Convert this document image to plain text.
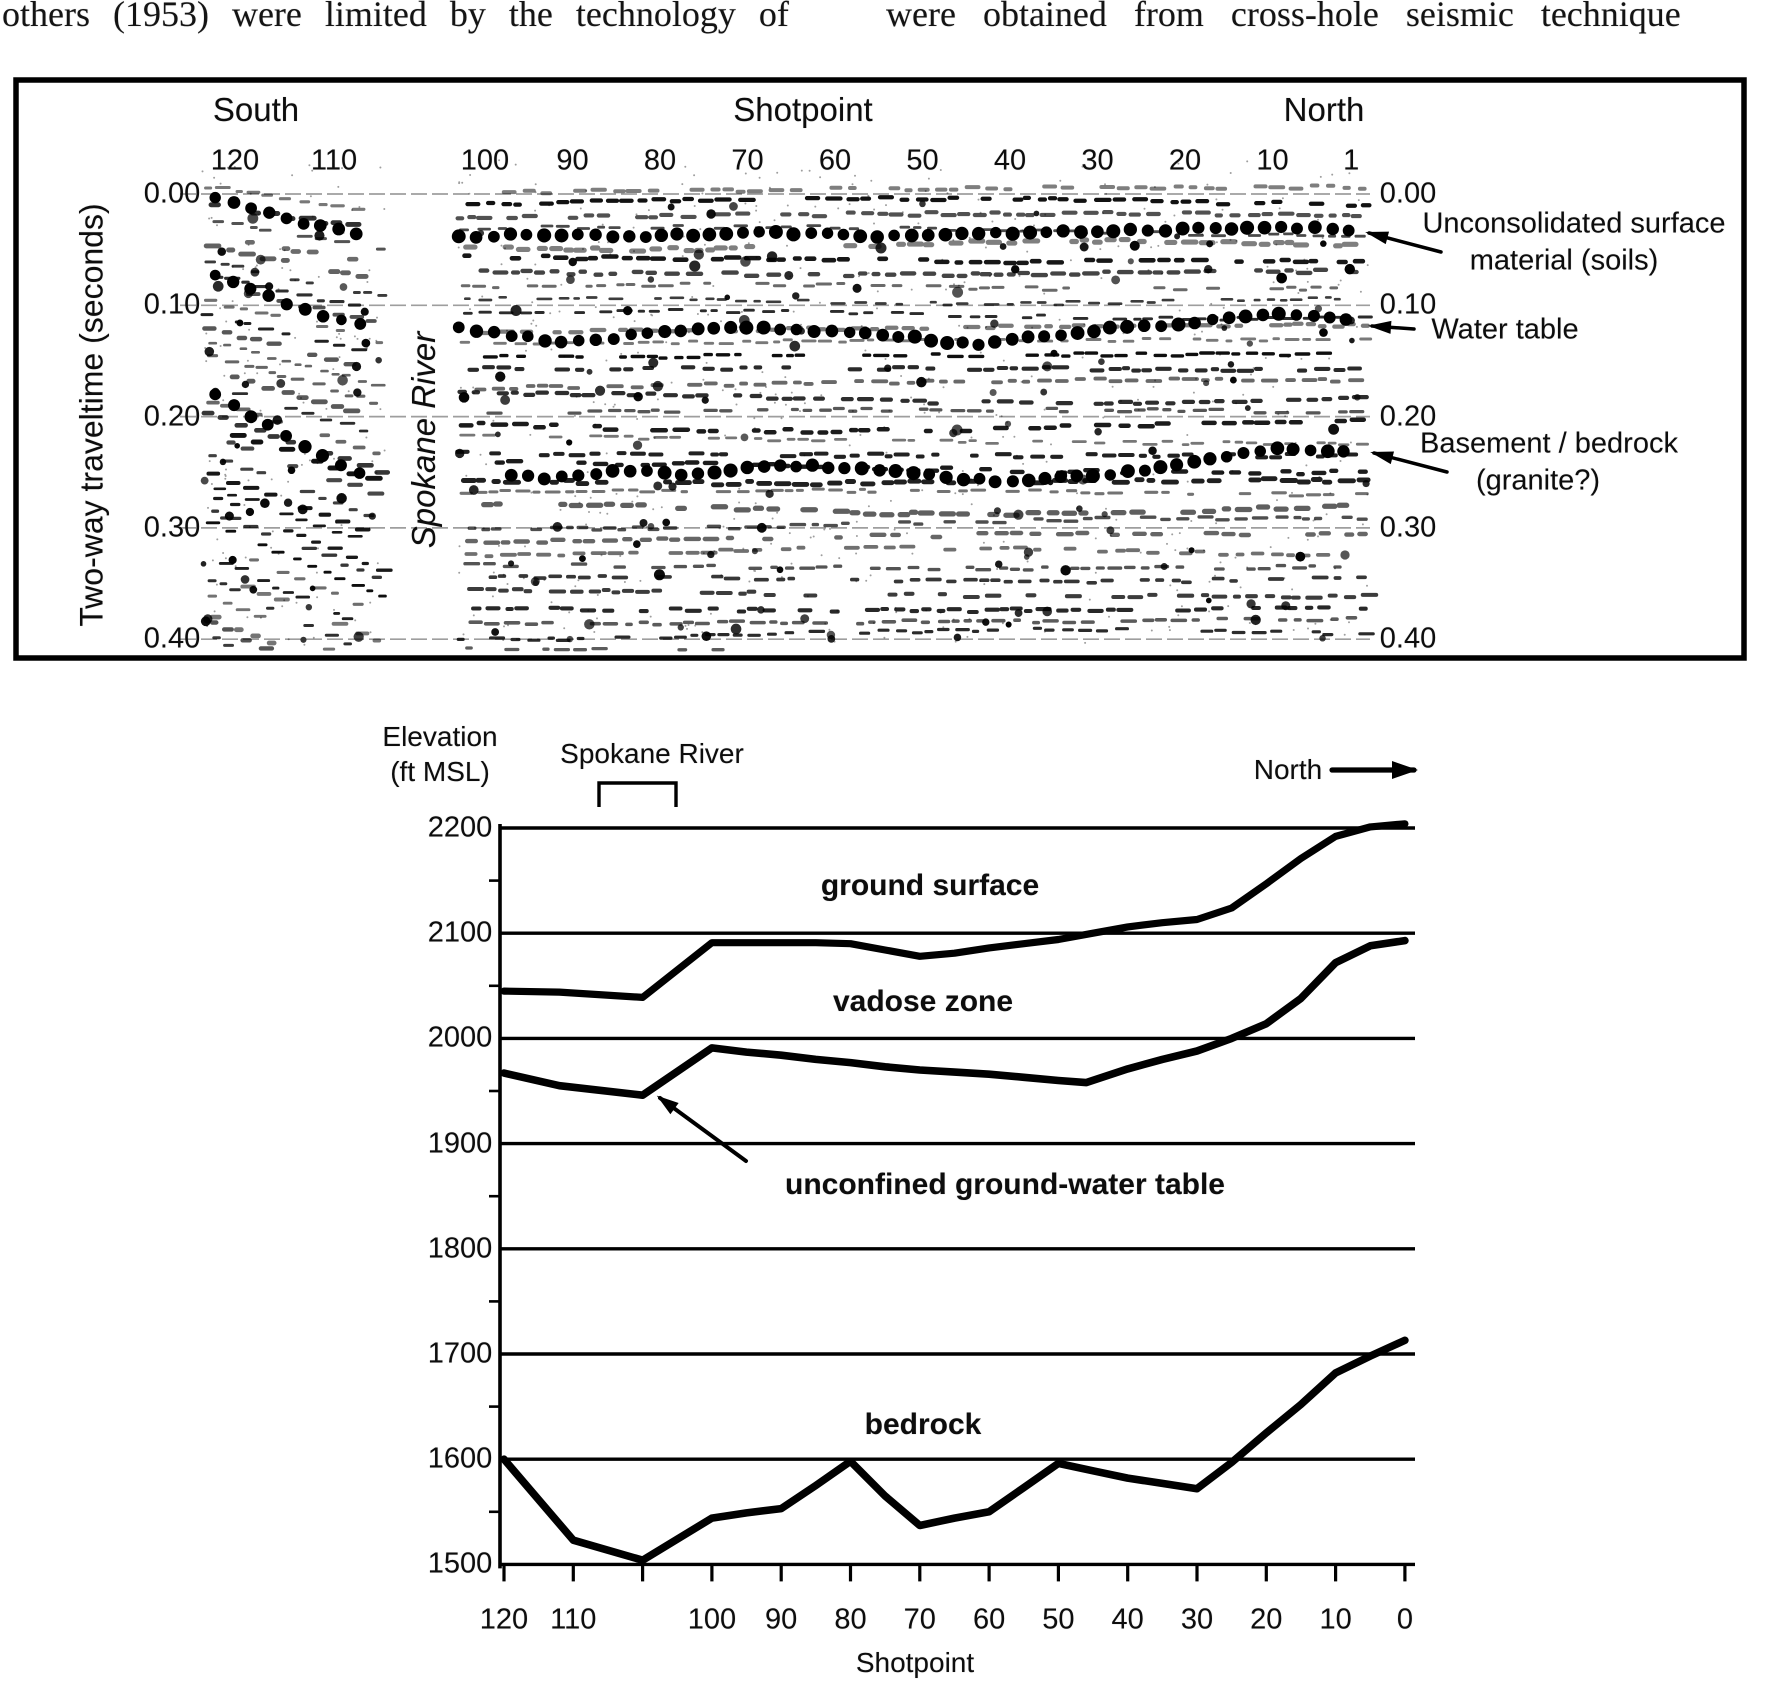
others (1953) were limited by the technology of	were obtained from cross-hole seismic technique
South	Shotpoint	North
Two-way traveltime (seconds)	Spokane River
Unconsolidated surface
material (soils)
Water table
Basement / bedrock
(granite?)
120 110	100 90 80 70 60 50 40 30 20 10 1
0.00
0.10
0.20
0.30
0.40
0.00
0.10
0.20
0.30
0.40
Elevation
(ft MSL)
Spokane River
North
ground surface
vadose zone
unconfined ground-water table
bedrock
Shotpoint
2200
2100
2000
1900
1800
1700
1600
1500
120 110	100 90 80 70 60 50 40 30 20 10 0
